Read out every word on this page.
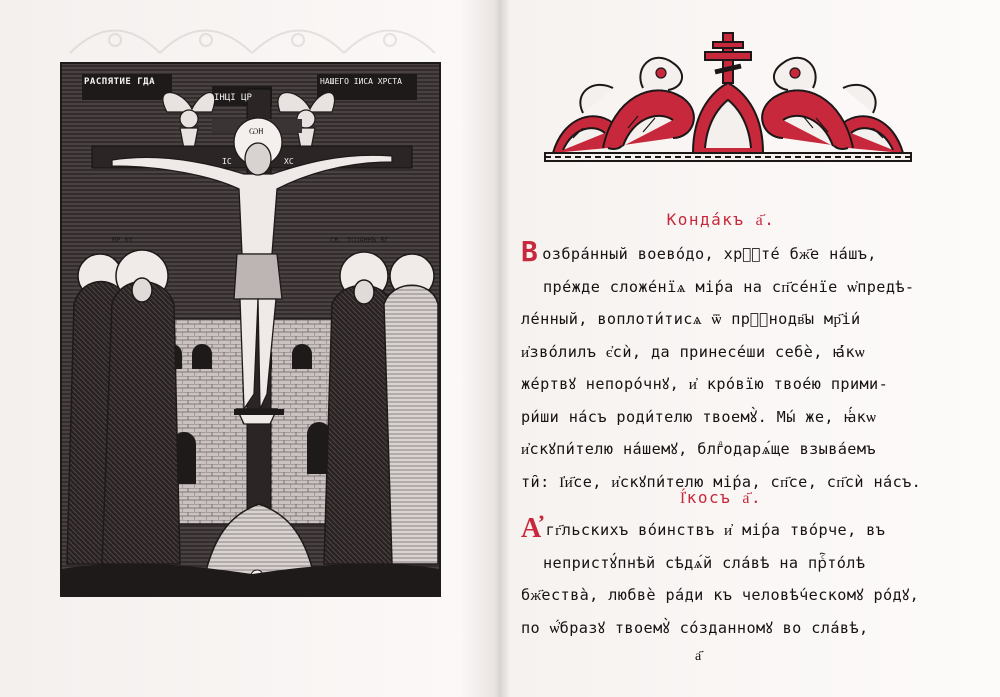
РАСПЯТИЕ ГДА
ІНЦІ ЦР
НАШЕГО ІИСА ХРСТА
ѠН
ІС	ХС
МР ΘΥ	СВ. ІѠАННЪ БГ
Конда́къ а҃.
В озбра́нный воево́до, хрⷭ҇те́ бж҃е на́шъ,
пре́жде сложе́нїѧ мі́ра на сп҃се́нїе ѡ҆предѣ-
ле́нный, воплоти́тисѧ ѿ прⷭ҇нодв҃ы мр҃і́и
и҆зво́лилъ є҆сѝ, да принесе́ши себѐ, ꙗ҆́кѡ
же́ртвꙋ непоро́чнꙋ, и҆ кро́вїю твое́ю прими-
ри́ши на́съ роди́телю твоемꙋ̀. Мы́ же, ꙗ҆́кѡ
и҆скꙋпи́телю на́шемꙋ, блгⷣодарѧ́ще взыва́емъ
ти̑: І҆и҃се, и҆скꙋпи́телю мі́ра, сп҃се, сп҃сѝ на́съ.
І҆́косъ а҃.
А҆ гг҃льскихъ во́инствъ и҆ мі́ра тво́рче, въ
непристꙋ́пнѣй сѣдѧ́й сла́вѣ на прⷭ҇то́лѣ
бж҃ества̀, любвѐ ра́ди къ человѣ́ческомꙋ ро́дꙋ,
по ѡ҆́бразꙋ твоемꙋ̀ со́зданномꙋ во сла́вѣ,
а҃
